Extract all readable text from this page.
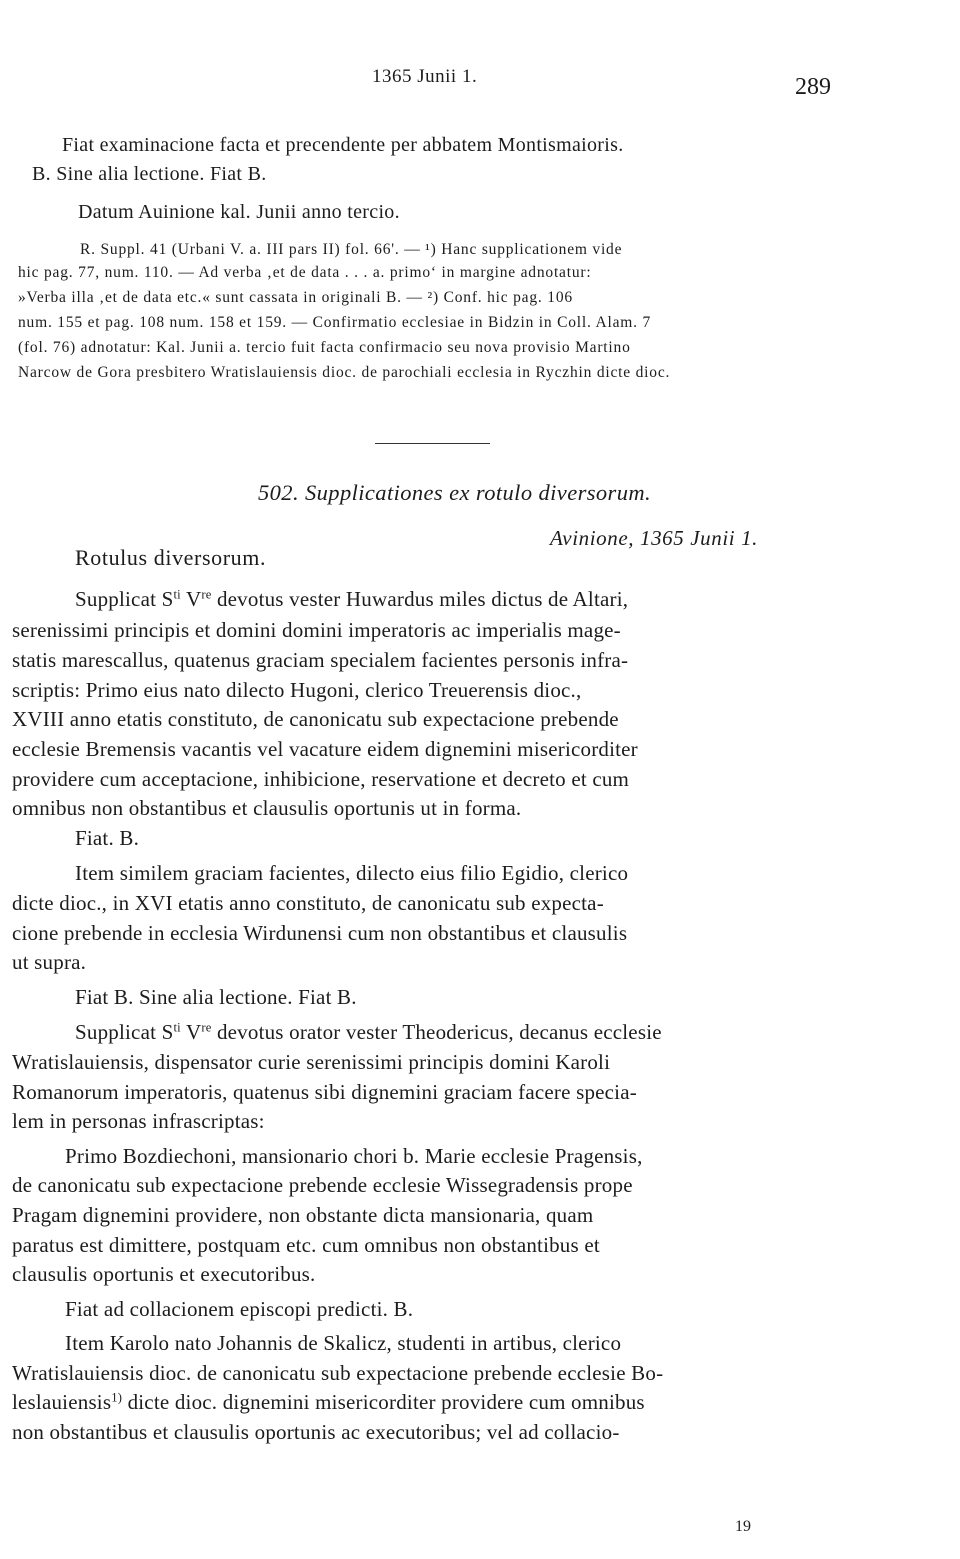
1365 Junii 1.	289
Fiat examinacione facta et precendente per abbatem Montismaioris.
B. Sine alia lectione. Fiat B.
Datum Auinione kal. Junii anno tercio.
R. Suppl. 41 (Urbani V. a. III pars II) fol. 66'. — ¹) Hanc supplicationem vide
hic pag. 77, num. 110. — Ad verba ‚et de data . . . a. primo‘ in margine adnotatur:
»Verba illa ‚et de data etc.« sunt cassata in originali B. — ²) Conf. hic pag. 106
num. 155 et pag. 108 num. 158 et 159. — Confirmatio ecclesiae in Bidzin in Coll. Alam. 7
(fol. 76) adnotatur: Kal. Junii a. tercio fuit facta confirmacio seu nova provisio Martino
Narcow de Gora presbitero Wratislauiensis dioc. de parochiali ecclesia in Ryczhin dicte dioc.
502. Supplicationes ex rotulo diversorum.
Avinione, 1365 Junii 1.
Rotulus diversorum.
Supplicat $S^{ti}$ Vre devotus vester Huwardus miles dictus de Altari,
serenissimi principis et domini domini imperatoris ac imperialis mage-
statis marescallus, quatenus graciam specialem facientes personis infra-
scriptis: Primo eius nato dilecto Hugoni, clerico Treuerensis dioc.,
XVIII anno etatis constituto, de canonicatu sub expectacione prebende
ecclesie Bremensis vacantis vel vacature eidem dignemini misericorditer
providere cum acceptacione, inhibicione, reservatione et decreto et cum
omnibus non obstantibus et clausulis oportunis ut in forma.
Fiat. B.
Item similem graciam facientes, dilecto eius filio Egidio, clerico
dicte dioc., in XVI etatis anno constituto, de canonicatu sub expecta-
cione prebende in ecclesia Wirdunensi cum non obstantibus et clausulis
ut supra.
Fiat B. Sine alia lectione. Fiat B.
Supplicat $S^{ti}$ Vre devotus orator vester Theodericus, decanus ecclesie
Wratislauiensis, dispensator curie serenissimi principis domini Karoli
Romanorum imperatoris, quatenus sibi dignemini graciam facere specia-
lem in personas infrascriptas:
Primo Bozdiechoni, mansionario chori b. Marie ecclesie Pragensis,
de canonicatu sub expectacione prebende ecclesie Wissegradensis prope
Pragam dignemini providere, non obstante dicta mansionaria, quam
paratus est dimittere, postquam etc. cum omnibus non obstantibus et
clausulis oportunis et executoribus.
Fiat ad collacionem episcopi predicti. B.
Item Karolo nato Johannis de Skalicz, studenti in artibus, clerico
Wratislauiensis dioc. de canonicatu sub expectacione prebende ecclesie Bo-
leslauiensis$^{1)}$ dicte dioc. dignemini misericorditer providere cum omnibus
non obstantibus et clausulis oportunis ac executoribus; vel ad collacio-
19
